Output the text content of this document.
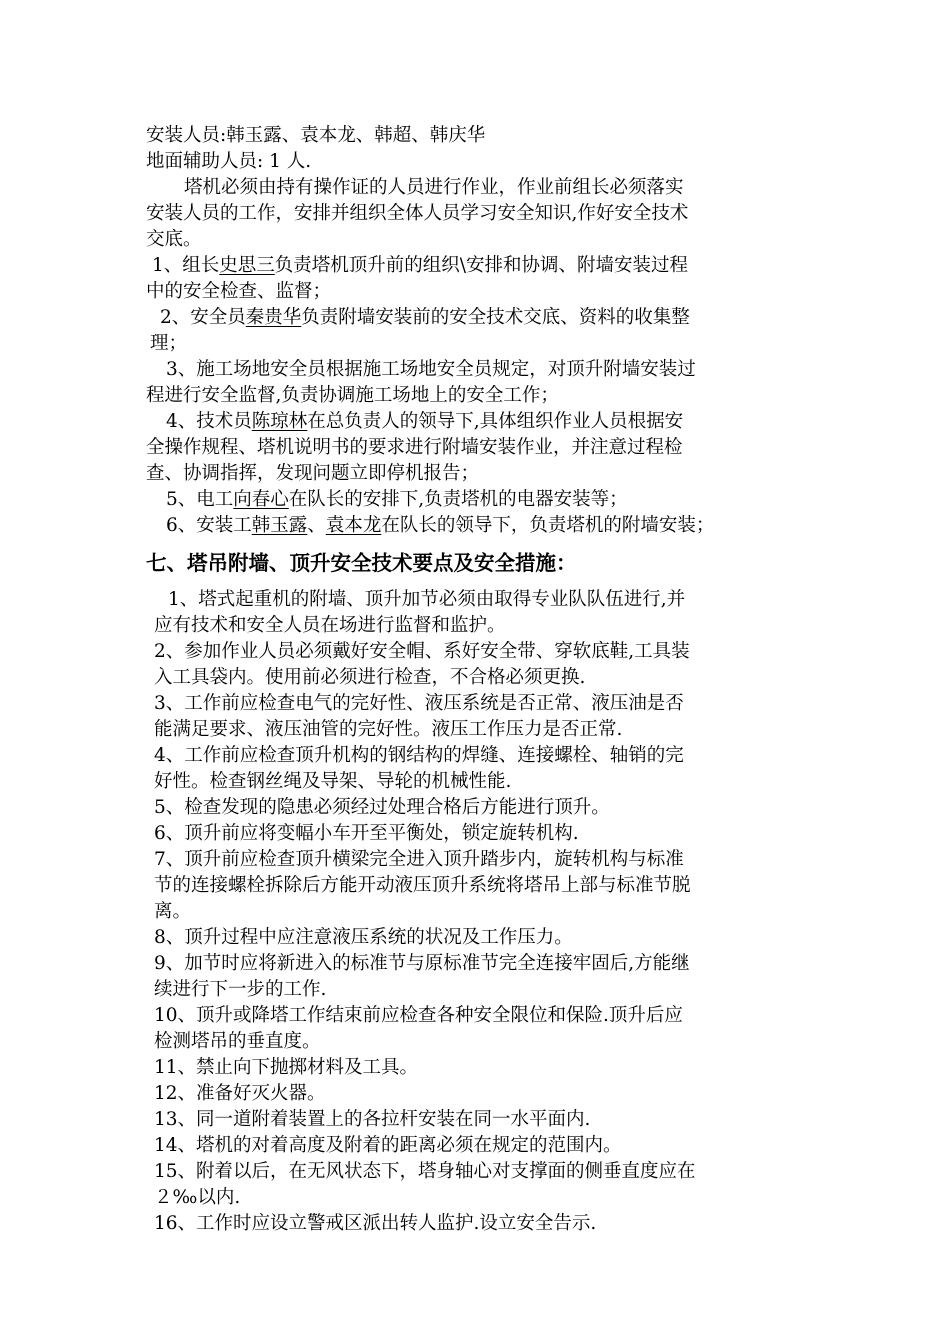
安装人员:韩玉露、袁本龙、韩超、韩庆华
地面辅助人员: 1 人.
塔机必须由持有操作证的人员进行作业，作业前组长必须落实
安装人员的工作，安排并组织全体人员学习安全知识,作好安全技术
交底。
1、组长史思三负责塔机顶升前的组织\安排和协调、附墙安装过程
中的安全检查、监督；
2、安全员秦贵华负责附墙安装前的安全技术交底、资料的收集整
理；
3、施工场地安全员根据施工场地安全员规定，对顶升附墙安装过
程进行安全监督,负责协调施工场地上的安全工作；
4、技术员陈琼林在总负责人的领导下,具体组织作业人员根据安
全操作规程、塔机说明书的要求进行附墙安装作业，并注意过程检
查、协调指挥，发现问题立即停机报告；
5、电工向春心在队长的安排下,负责塔机的电器安装等；
6、安装工韩玉露、袁本龙在队长的领导下，负责塔机的附墙安装；
七、塔吊附墙、顶升安全技术要点及安全措施：
1、塔式起重机的附墙、顶升加节必须由取得专业队队伍进行,并
应有技术和安全人员在场进行监督和监护。
2、参加作业人员必须戴好安全帽、系好安全带、穿软底鞋,工具装
入工具袋内。使用前必须进行检查，不合格必须更换.
3、工作前应检查电气的完好性、液压系统是否正常、液压油是否
能满足要求、液压油管的完好性。液压工作压力是否正常.
4、工作前应检查顶升机构的钢结构的焊缝、连接螺栓、轴销的完
好性。检查钢丝绳及导架、导轮的机械性能.
5、检查发现的隐患必须经过处理合格后方能进行顶升。
6、顶升前应将变幅小车开至平衡处，锁定旋转机构.
7、顶升前应检查顶升横梁完全进入顶升踏步内，旋转机构与标准
节的连接螺栓拆除后方能开动液压顶升系统将塔吊上部与标准节脱
离。
8、顶升过程中应注意液压系统的状况及工作压力。
9、加节时应将新进入的标准节与原标准节完全连接牢固后,方能继
续进行下一步的工作.
10、顶升或降塔工作结束前应检查各种安全限位和保险.顶升后应
检测塔吊的垂直度。
11、禁止向下抛掷材料及工具。
12、准备好灭火器。
13、同一道附着装置上的各拉杆安装在同一水平面内.
14、塔机的对着高度及附着的距离必须在规定的范围内。
15、附着以后，在无风状态下，塔身轴心对支撑面的侧垂直度应在
２‰以内.
16、工作时应设立警戒区派出转人监护.设立安全告示.
